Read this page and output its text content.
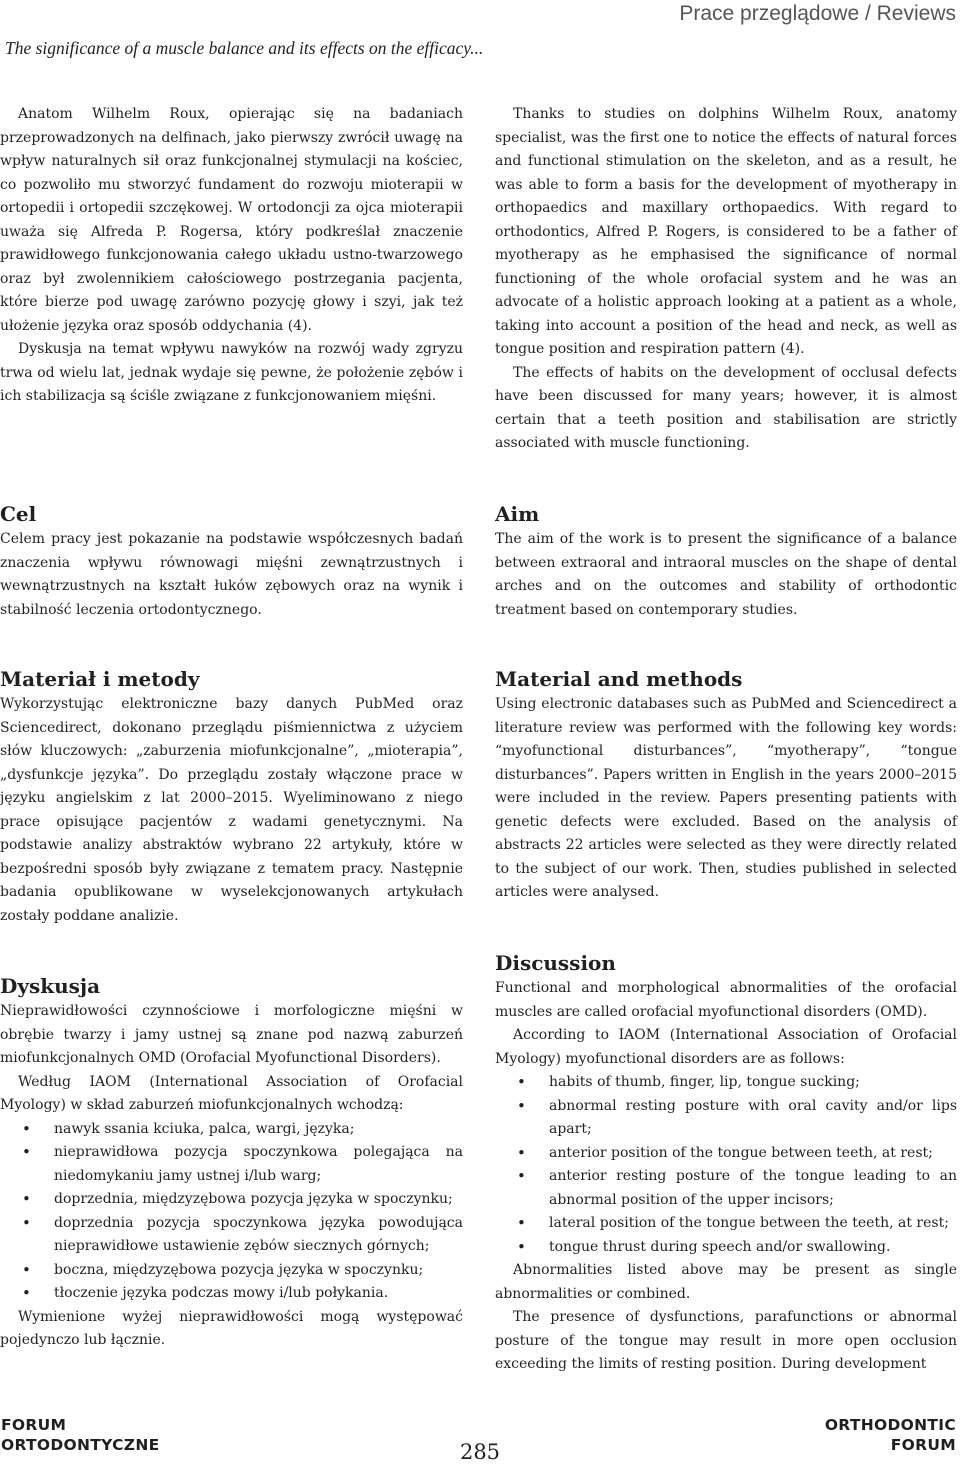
Prace przeglądowe / Reviews
The significance of a muscle balance and its effects on the efficacy...

Anatom Wilhelm Roux, opierając się na badaniach przeprowadzonych na delfinach, jako pierwszy zwrócił uwagę na wpływ naturalnych sił oraz funkcjonalnej stymulacji na kościec, co pozwoliło mu stworzyć fundament do rozwoju mioterapii w ortopedii i ortopedii szczękowej. W ortodoncji za ojca mioterapii uważa się Alfreda P. Rogersa, który podkreślał znaczenie prawidłowego funkcjonowania całego układu ustno-twarzowego oraz był zwolennikiem całościowego postrzegania pacjenta, które bierze pod uwagę zarówno pozycję głowy i szyi, jak też ułożenie języka oraz sposób oddychania (4).

Dyskusja na temat wpływu nawyków na rozwój wady zgryzu trwa od wielu lat, jednak wydaje się pewne, że położenie zębów i ich stabilizacja są ściśle związane z funkcjonowaniem mięśni.

Thanks to studies on dolphins Wilhelm Roux, anatomy specialist, was the first one to notice the effects of natural forces and functional stimulation on the skeleton, and as a result, he was able to form a basis for the development of myotherapy in orthopaedics and maxillary orthopaedics. With regard to orthodontics, Alfred P. Rogers, is considered to be a father of myotherapy as he emphasised the significance of normal functioning of the whole orofacial system and he was an advocate of a holistic approach looking at a patient as a whole, taking into account a position of the head and neck, as well as tongue position and respiration pattern (4).

The effects of habits on the development of occlusal defects have been discussed for many years; however, it is almost certain that a teeth position and stabilisation are strictly associated with muscle functioning.

Cel

Celem pracy jest pokazanie na podstawie współczesnych badań znaczenia wpływu równowagi mięśni zewnątrzustnych i wewnątrzustnych na kształt łuków zębowych oraz na wynik i stabilność leczenia ortodontycznego.

Aim

The aim of the work is to present the significance of a balance between extraoral and intraoral muscles on the shape of dental arches and on the outcomes and stability of orthodontic treatment based on contemporary studies.

Materiał i metody

Wykorzystując elektroniczne bazy danych PubMed oraz Sciencedirect, dokonano przeglądu piśmiennictwa z użyciem słów kluczowych: „zaburzenia miofunkcjonalne”, „mioterapia”, „dysfunkcje języka”. Do przeglądu zostały włączone prace w języku angielskim z lat 2000–2015. Wyeliminowano z niego prace opisujące pacjentów z wadami genetycznymi. Na podstawie analizy abstraktów wybrano 22 artykuły, które w bezpośredni sposób były związane z tematem pracy. Następnie badania opublikowane w wyselekcjonowanych artykułach zostały poddane analizie.

Material and methods

Using electronic databases such as PubMed and Sciencedirect a literature review was performed with the following key words: “myofunctional disturbances”, “myotherapy”, “tongue disturbances”. Papers written in English in the years 2000–2015 were included in the review. Papers presenting patients with genetic defects were excluded. Based on the analysis of abstracts 22 articles were selected as they were directly related to the subject of our work. Then, studies published in selected articles were analysed.

Dyskusja

Nieprawidłowości czynnościowe i morfologiczne mięśni w obrębie twarzy i jamy ustnej są znane pod nazwą zaburzeń miofunkcjonalnych OMD (Orofacial Myofunctional Disorders).

Według IAOM (International Association of Orofacial Myology) w skład zaburzeń miofunkcjonalnych wchodzą:

• nawyk ssania kciuka, palca, wargi, języka;
• nieprawidłowa pozycja spoczynkowa polegająca na niedomykaniu jamy ustnej i/lub warg;
• doprzednia, międzyzębowa pozycja języka w spoczynku;
• doprzednia pozycja spoczynkowa języka powodująca nieprawidłowe ustawienie zębów siecznych górnych;
• boczna, międzyzębowa pozycja języka w spoczynku;
• tłoczenie języka podczas mowy i/lub połykania.

Wymienione wyżej nieprawidłowości mogą występować pojedynczo lub łącznie.

Discussion

Functional and morphological abnormalities of the orofacial muscles are called orofacial myofunctional disorders (OMD).

According to IAOM (International Association of Orofacial Myology) myofunctional disorders are as follows:

• habits of thumb, finger, lip, tongue sucking;
• abnormal resting posture with oral cavity and/or lips apart;
• anterior position of the tongue between teeth, at rest;
• anterior resting posture of the tongue leading to an abnormal position of the upper incisors;
• lateral position of the tongue between the teeth, at rest;
• tongue thrust during speech and/or swallowing.

Abnormalities listed above may be present as single abnormalities or combined.

The presence of dysfunctions, parafunctions or abnormal posture of the tongue may result in more open occlusion exceeding the limits of resting position. During development

FORUM
ORTODONTYCZNE	285
ORTHODONTIC
FORUM
